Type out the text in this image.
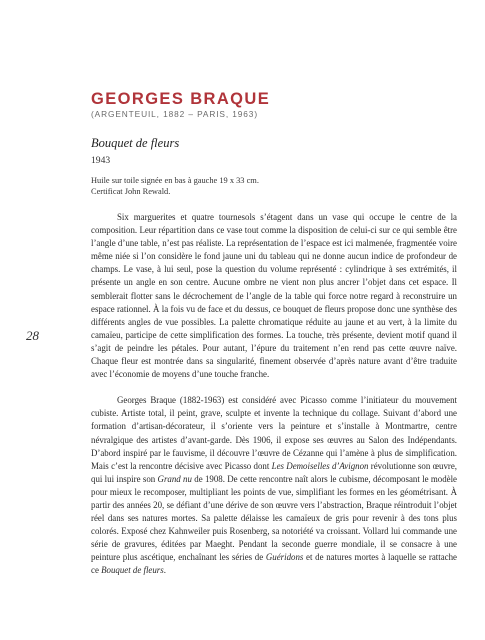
28
GEORGES BRAQUE
(ARGENTEUIL, 1882 – PARIS, 1963)
Bouquet de fleurs
1943
Huile sur toile signée en bas à gauche 19 x 33 cm.
Certificat John Rewald.

Six marguerites et quatre tournesols s’étagent dans un vase qui occupe le centre de la composition. Leur répartition dans ce vase tout comme la disposition de celui-ci sur ce qui semble être l’angle d’une table, n’est pas réaliste. La représentation de l’espace est ici malmenée, fragmentée voire même niée si l’on considère le fond jaune uni du tableau qui ne donne aucun indice de profondeur de champs. Le vase, à lui seul, pose la question du volume représenté : cylindrique à ses extrémités, il présente un angle en son centre. Aucune ombre ne vient non plus ancrer l’objet dans cet espace. Il semblerait flotter sans le décrochement de l’angle de la table qui force notre regard à reconstruire un espace rationnel. À la fois vu de face et du dessus, ce bouquet de fleurs propose donc une synthèse des différents angles de vue possibles. La palette chromatique réduite au jaune et au vert, à la limite du camaïeu, participe de cette simplification des formes. La touche, très présente, devient motif quand il s’agit de peindre les pétales. Pour autant, l’épure du traitement n’en rend pas cette œuvre naïve. Chaque fleur est montrée dans sa singularité, finement observée d’après nature avant d’être traduite avec l’économie de moyens d’une touche franche.

Georges Braque (1882-1963) est considéré avec Picasso comme l’initiateur du mouvement cubiste. Artiste total, il peint, grave, sculpte et invente la technique du collage. Suivant d’abord une formation d’artisan-décorateur, il s’oriente vers la peinture et s’installe à Montmartre, centre névralgique des artistes d’avant-garde. Dès 1906, il expose ses œuvres au Salon des Indépendants. D’abord inspiré par le fauvisme, il découvre l’œuvre de Cézanne qui l’amène à plus de simplification. Mais c’est la rencontre décisive avec Picasso dont Les Demoiselles d’Avignon révolutionne son œuvre, qui lui inspire son Grand nu de 1908. De cette rencontre naît alors le cubisme, décomposant le modèle pour mieux le recomposer, multipliant les points de vue, simplifiant les formes en les géométrisant. À partir des années 20, se défiant d’une dérive de son œuvre vers l’abstraction, Braque réintroduit l’objet réel dans ses natures mortes. Sa palette délaisse les camaïeux de gris pour revenir à des tons plus colorés. Exposé chez Kahnweiler puis Rosenberg, sa notoriété va croissant. Vollard lui commande une série de gravures, éditées par Maeght. Pendant la seconde guerre mondiale, il se consacre à une peinture plus ascétique, enchaînant les séries de Guéridons et de natures mortes à laquelle se rattache ce Bouquet de fleurs.
